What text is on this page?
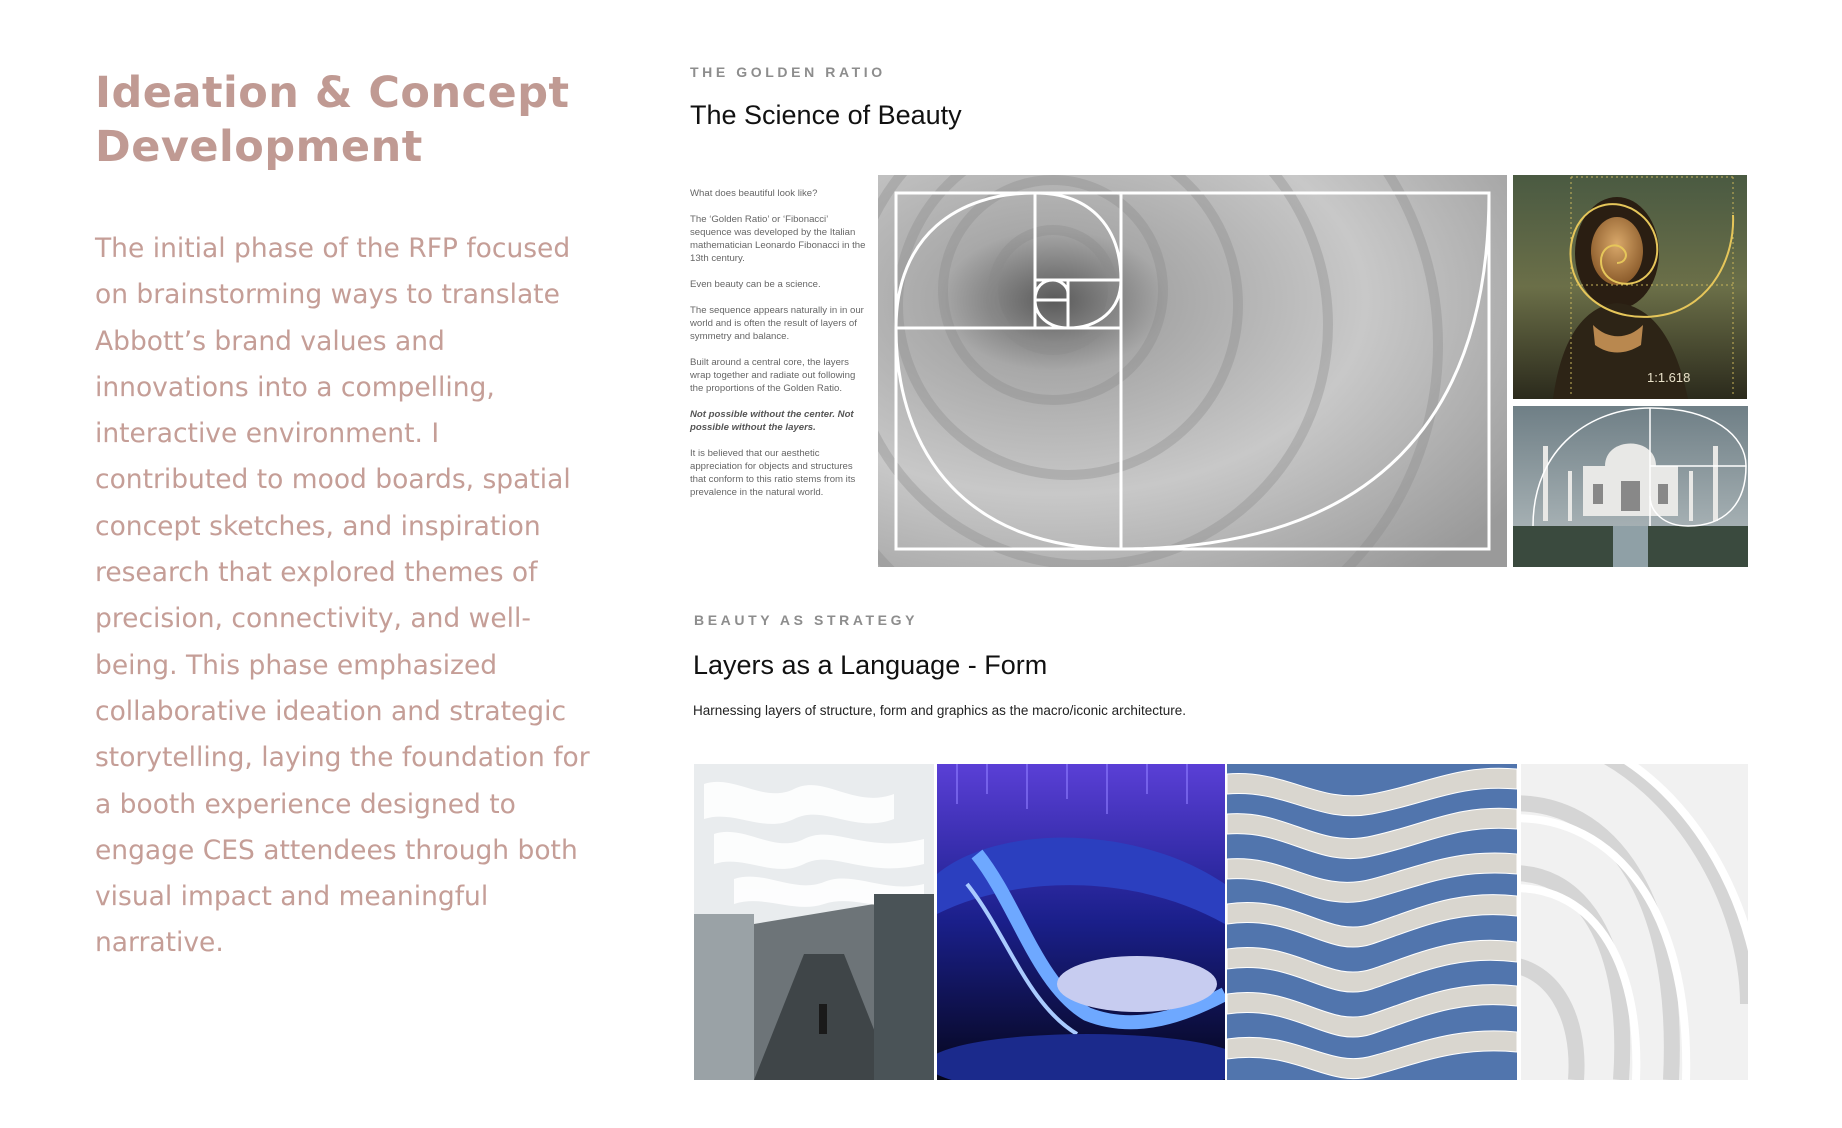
Ideation & Concept Development

The initial phase of the RFP focused on brainstorming ways to translate Abbott’s brand values and innovations into a compelling, interactive environment. I contributed to mood boards, spatial concept sketches, and inspiration research that explored themes of precision, connectivity, and well-being. This phase emphasized collaborative ideation and strategic storytelling, laying the foundation for a booth experience designed to engage CES attendees through both visual impact and meaningful narrative.

THE GOLDEN RATIO

The Science of Beauty

What does beautiful look like?

The ‘Golden Ratio’ or ‘Fibonacci’ sequence was developed by the Italian mathematician Leonardo Fibonacci in the 13th century.

Even beauty can be a science.

The sequence appears naturally in in our world and is often the result of layers of symmetry and balance.

Built around a central core, the layers wrap together and radiate out following the proportions of the Golden Ratio.

Not possible without the center. Not possible without the layers.

It is believed that our aesthetic appreciation for objects and structures that conform to this ratio stems from its prevalence in the natural world.

1:1.618

BEAUTY AS STRATEGY

Layers as a Language - Form

Harnessing layers of structure, form and graphics as the macro/iconic architecture.
